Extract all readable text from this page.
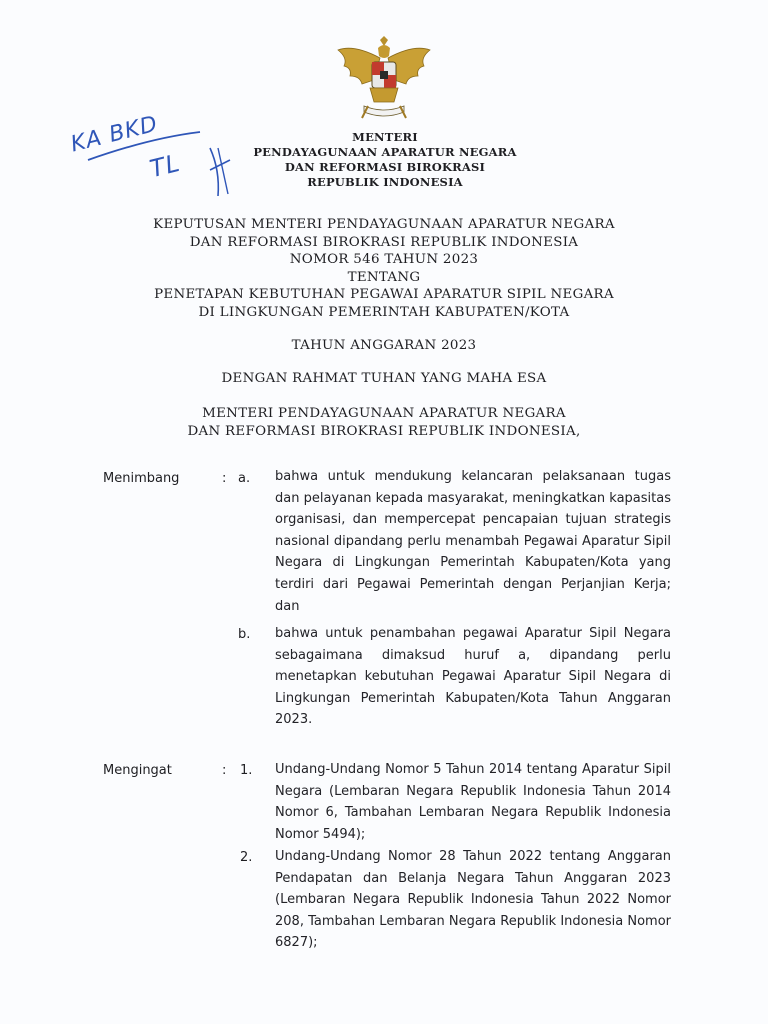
KA BKD
TL
MENTERI
PENDAYAGUNAAN APARATUR NEGARA
DAN REFORMASI BIROKRASI
REPUBLIK INDONESIA
KEPUTUSAN MENTERI PENDAYAGUNAAN APARATUR NEGARA
DAN REFORMASI BIROKRASI REPUBLIK INDONESIA
NOMOR 546 TAHUN 2023
TENTANG
PENETAPAN KEBUTUHAN PEGAWAI APARATUR SIPIL NEGARA
DI LINGKUNGAN PEMERINTAH KABUPATEN/KOTA
TAHUN ANGGARAN 2023
DENGAN RAHMAT TUHAN YANG MAHA ESA
MENTERI PENDAYAGUNAAN APARATUR NEGARA
DAN REFORMASI BIROKRASI REPUBLIK INDONESIA,
Menimbang	: a. bahwa untuk mendukung kelancaran pelaksanaan tugas dan pelayanan kepada masyarakat, meningkatkan kapasitas organisasi, dan mempercepat pencapaian tujuan strategis nasional dipandang perlu menambah Pegawai Aparatur Sipil Negara di Lingkungan Pemerintah Kabupaten/Kota yang terdiri dari Pegawai Pemerintah dengan Perjanjian Kerja; dan
b. bahwa untuk penambahan pegawai Aparatur Sipil Negara sebagaimana dimaksud huruf a, dipandang perlu menetapkan kebutuhan Pegawai Aparatur Sipil Negara di Lingkungan Pemerintah Kabupaten/Kota Tahun Anggaran 2023.
Mengingat	: 1. Undang-Undang Nomor 5 Tahun 2014 tentang Aparatur Sipil Negara (Lembaran Negara Republik Indonesia Tahun 2014 Nomor 6, Tambahan Lembaran Negara Republik Indonesia Nomor 5494);
2. Undang-Undang Nomor 28 Tahun 2022 tentang Anggaran Pendapatan dan Belanja Negara Tahun Anggaran 2023 (Lembaran Negara Republik Indonesia Tahun 2022 Nomor 208, Tambahan Lembaran Negara Republik Indonesia Nomor 6827);
